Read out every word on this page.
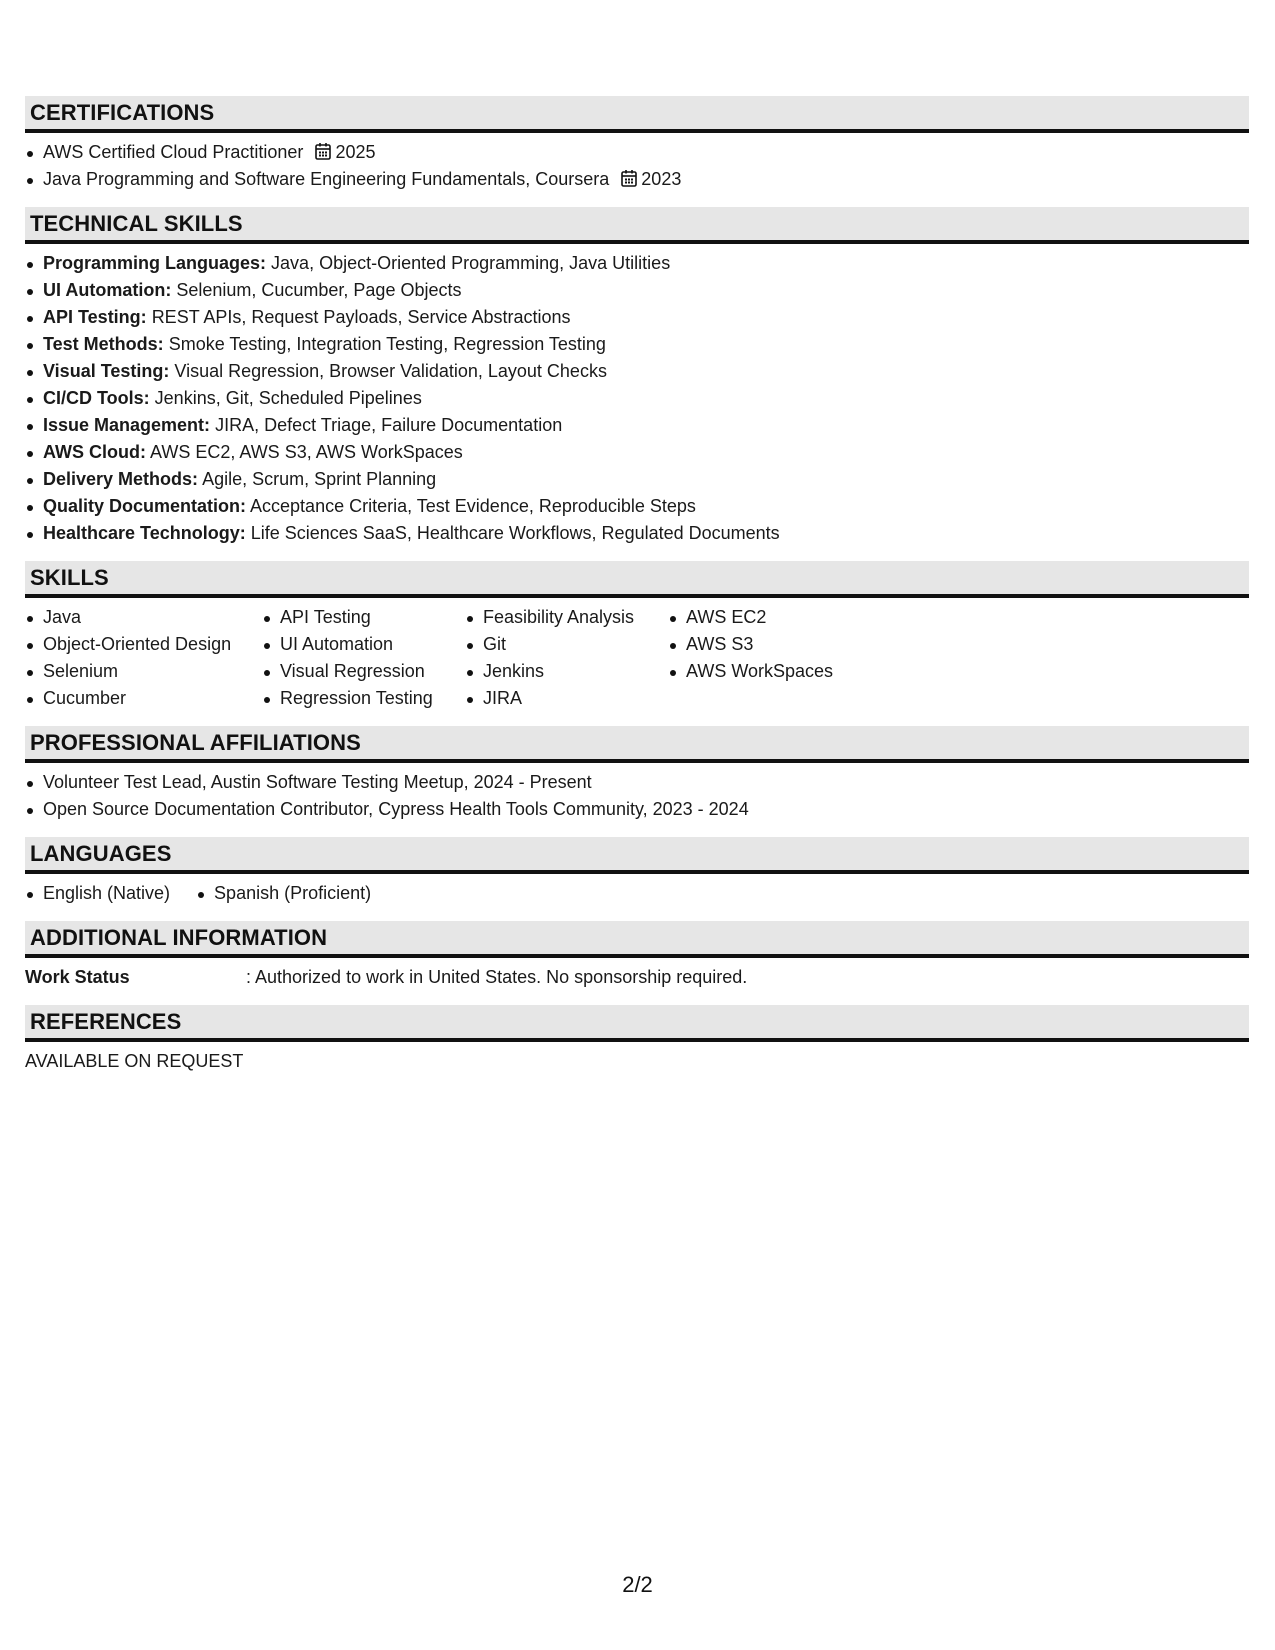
CERTIFICATIONS
AWS Certified Cloud Practitioner 2025
Java Programming and Software Engineering Fundamentals, Coursera 2023
TECHNICAL SKILLS
Programming Languages: Java, Object-Oriented Programming, Java Utilities
UI Automation: Selenium, Cucumber, Page Objects
API Testing: REST APIs, Request Payloads, Service Abstractions
Test Methods: Smoke Testing, Integration Testing, Regression Testing
Visual Testing: Visual Regression, Browser Validation, Layout Checks
CI/CD Tools: Jenkins, Git, Scheduled Pipelines
Issue Management: JIRA, Defect Triage, Failure Documentation
AWS Cloud: AWS EC2, AWS S3, AWS WorkSpaces
Delivery Methods: Agile, Scrum, Sprint Planning
Quality Documentation: Acceptance Criteria, Test Evidence, Reproducible Steps
Healthcare Technology: Life Sciences SaaS, Healthcare Workflows, Regulated Documents
SKILLS
Java
Object-Oriented Design
Selenium
Cucumber
API Testing
UI Automation
Visual Regression
Regression Testing
Feasibility Analysis
Git
Jenkins
JIRA
AWS EC2
AWS S3
AWS WorkSpaces
PROFESSIONAL AFFILIATIONS
Volunteer Test Lead, Austin Software Testing Meetup, 2024 - Present
Open Source Documentation Contributor, Cypress Health Tools Community, 2023 - 2024
LANGUAGES
English (Native)	Spanish (Proficient)
ADDITIONAL INFORMATION
Work Status	: Authorized to work in United States. No sponsorship required.
REFERENCES
AVAILABLE ON REQUEST
2/2
